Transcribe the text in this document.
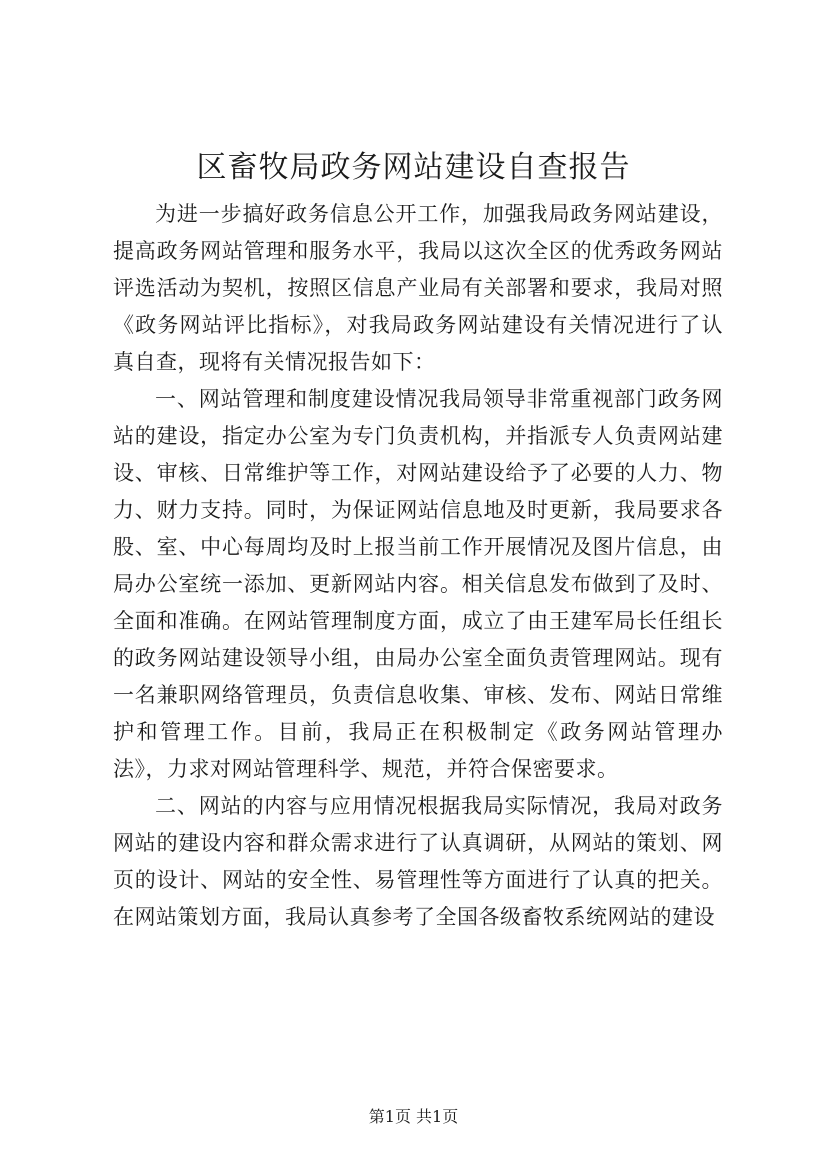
区畜牧局政务网站建设自查报告

为进一步搞好政务信息公开工作，加强我局政务网站建设，提高政务网站管理和服务水平，我局以这次全区的优秀政务网站评选活动为契机，按照区信息产业局有关部署和要求，我局对照《政务网站评比指标》，对我局政务网站建设有关情况进行了认真自查，现将有关情况报告如下：

一、网站管理和制度建设情况我局领导非常重视部门政务网站的建设，指定办公室为专门负责机构，并指派专人负责网站建设、审核、日常维护等工作，对网站建设给予了必要的人力、物力、财力支持。同时，为保证网站信息地及时更新，我局要求各股、室、中心每周均及时上报当前工作开展情况及图片信息，由局办公室统一添加、更新网站内容。相关信息发布做到了及时、全面和准确。在网站管理制度方面，成立了由王建军局长任组长的政务网站建设领导小组，由局办公室全面负责管理网站。现有一名兼职网络管理员，负责信息收集、审核、发布、网站日常维护和管理工作。目前，我局正在积极制定《政务网站管理办法》，力求对网站管理科学、规范，并符合保密要求。

二、网站的内容与应用情况根据我局实际情况，我局对政务网站的建设内容和群众需求进行了认真调研，从网站的策划、网页的设计、网站的安全性、易管理性等方面进行了认真的把关。在网站策划方面，我局认真参考了全国各级畜牧系统网站的建设

第1页 共1页
